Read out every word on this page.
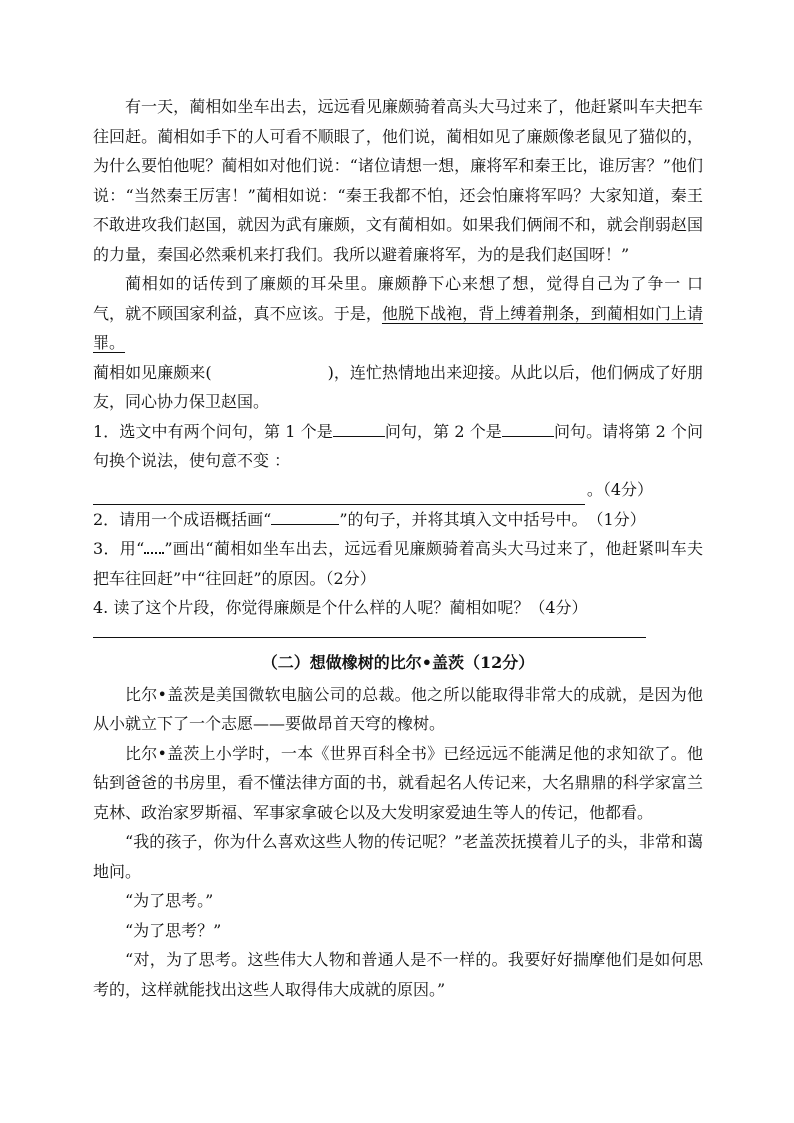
有一天，蔺相如坐车出去，远远看见廉颇骑着高头大马过来了，他赶紧叫车夫把车往回赶。蔺相如手下的人可看不顺眼了，他们说，蔺相如见了廉颇像老鼠见了猫似的，为什么要怕他呢？蔺相如对他们说：“诸位请想一想，廉将军和秦王比，谁厉害？”他们说：“当然秦王厉害！”蔺相如说：“秦王我都不怕，还会怕廉将军吗？大家知道，秦王不敢进攻我们赵国，就因为武有廉颇，文有蔺相如。如果我们俩闹不和，就会削弱赵国的力量，秦国必然乘机来打我们。我所以避着廉将军，为的是我们赵国呀！”

蔺相如的话传到了廉颇的耳朵里。廉颇静下心来想了想，觉得自己为了争一 口气，就不顾国家利益，真不应该。于是，他脱下战袍，背上缚着荆条，到蔺相如门上请罪。

蔺相如见廉颇来(	)，连忙热情地出来迎接。从此以后，他们俩成了好朋友，同心协力保卫赵国。

1．选文中有两个问句，第 1 个是	问句，第 2 个是	问句。请将第 2 个问句换个说法，使句意不变 ：

。（4分）

2．请用一个成语概括画“	”的句子，并将其填入文中括号中。　（1分）

3．用“ ”画出“蔺相如坐车出去，远远看见廉颇骑着高头大马过来了，他赶紧叫车夫把车往回赶”中“往回赶”的原因。（2分）

4. 读了这个片段，你觉得廉颇是个什么样的人呢？蔺相如呢？（4分）

（二）想做橡树的比尔•盖茨（12分）

比尔•盖茨是美国微软电脑公司的总裁。他之所以能取得非常大的成就，是因为他从小就立下了一个志愿——要做昂首天穹的橡树。

比尔•盖茨上小学时，一本《世界百科全书》已经远远不能满足他的求知欲了。他钻到爸爸的书房里，看不懂法律方面的书，就看起名人传记来，大名鼎鼎的科学家富兰克林、政治家罗斯福、军事家拿破仑以及大发明家爱迪生等人的传记，他都看。

“我的孩子，你为什么喜欢这些人物的传记呢？”老盖茨抚摸着儿子的头，非常和蔼地问。

“为了思考。”

“为了思考？”

“对，为了思考。这些伟大人物和普通人是不一样的。我要好好揣摩他们是如何思考的，这样就能找出这些人取得伟大成就的原因。”
